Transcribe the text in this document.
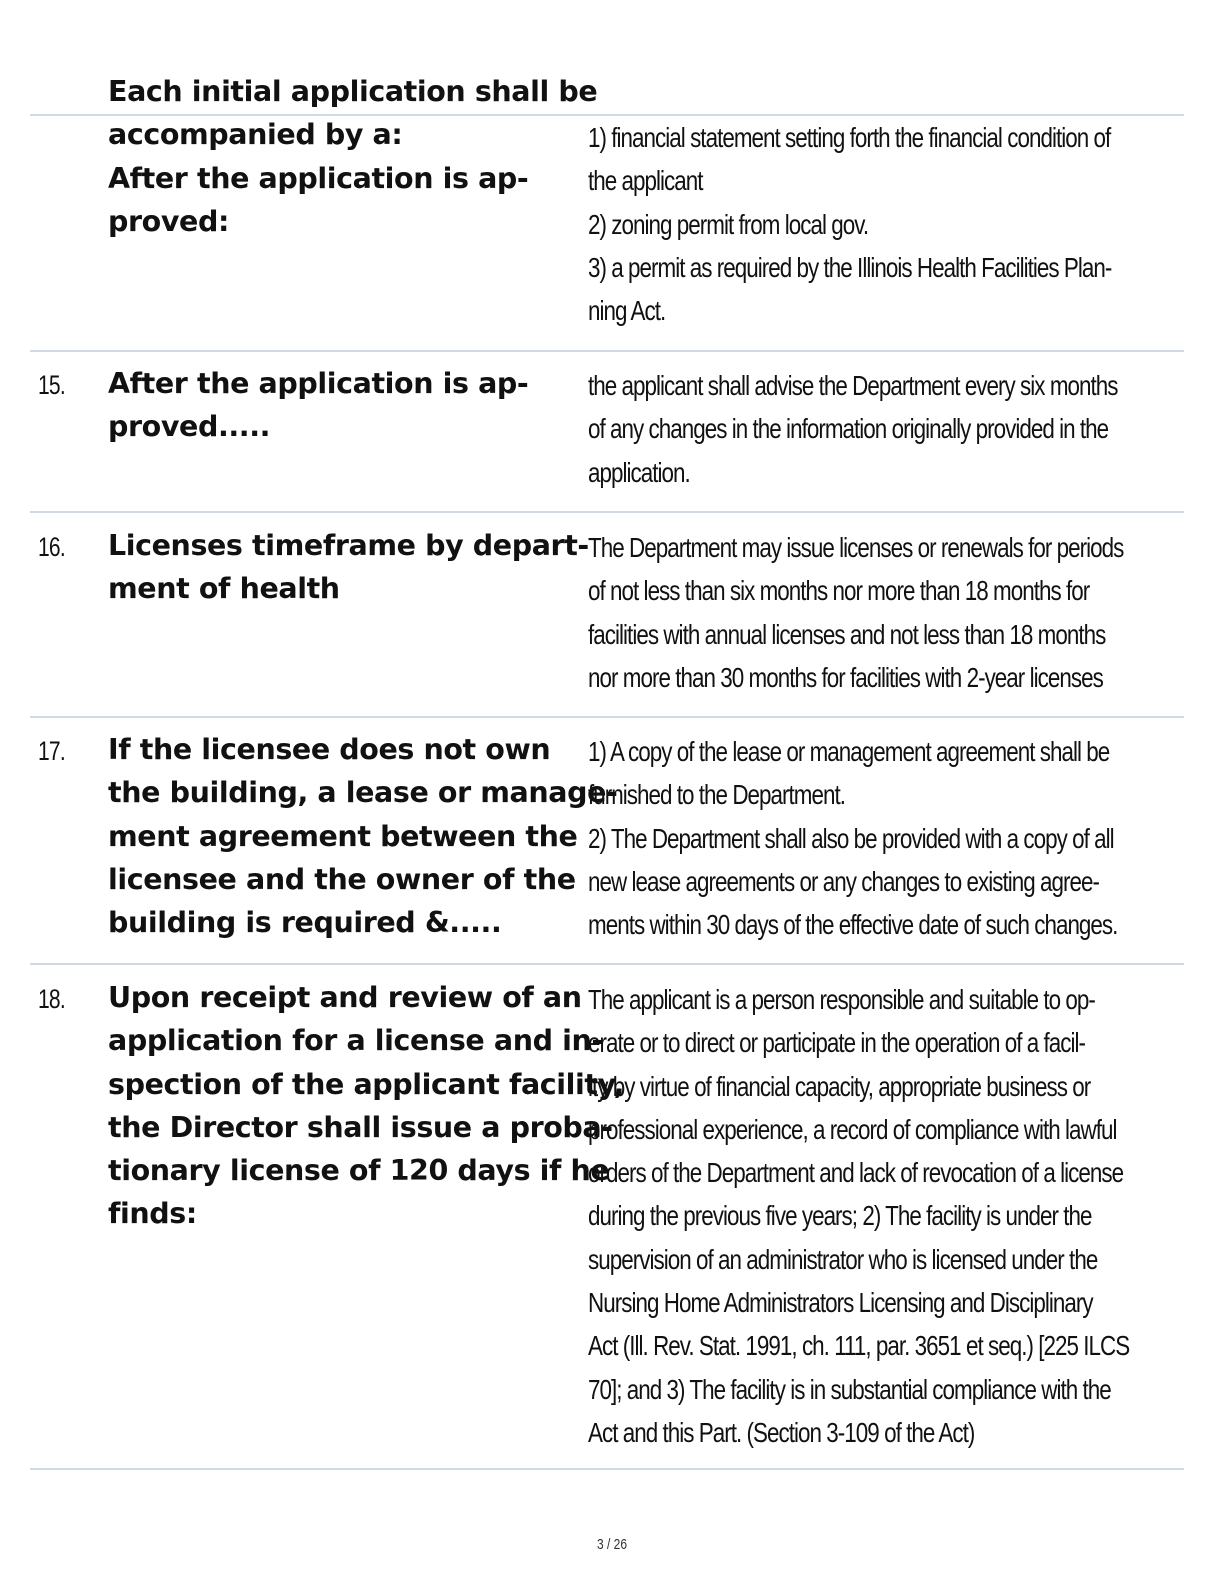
Each initial application shall be
accompanied by a:
After the application is ap-
proved:
1) financial statement setting forth the financial condition of
the applicant
2) zoning permit from local gov.
3) a permit as required by the Illinois Health Facilities Plan-
ning Act.
15. After the application is ap-
proved.....
the applicant shall advise the Department every six months
of any changes in the information originally provided in the
application.
16. Licenses timeframe by depart-
ment of health
The Department may issue licenses or renewals for periods
of not less than six months nor more than 18 months for
facilities with annual licenses and not less than 18 months
nor more than 30 months for facilities with 2-year licenses
17. If the licensee does not own
the building, a lease or manage-
ment agreement between the
licensee and the owner of the
building is required &.....
1) A copy of the lease or management agreement shall be
furnished to the Department.
2) The Department shall also be provided with a copy of all
new lease agreements or any changes to existing agree-
ments within 30 days of the effective date of such changes.
18. Upon receipt and review of an
application for a license and in-
spection of the applicant facility,
the Director shall issue a proba-
tionary license of 120 days if he
finds:
The applicant is a person responsible and suitable to op-
erate or to direct or participate in the operation of a facil-
ity by virtue of financial capacity, appropriate business or
professional experience, a record of compliance with lawful
orders of the Department and lack of revocation of a license
during the previous five years; 2) The facility is under the
supervision of an administrator who is licensed under the
Nursing Home Administrators Licensing and Disciplinary
Act (Ill. Rev. Stat. 1991, ch. 111, par. 3651 et seq.) [225 ILCS
70]; and 3) The facility is in substantial compliance with the
Act and this Part. (Section 3-109 of the Act)
3 / 26
